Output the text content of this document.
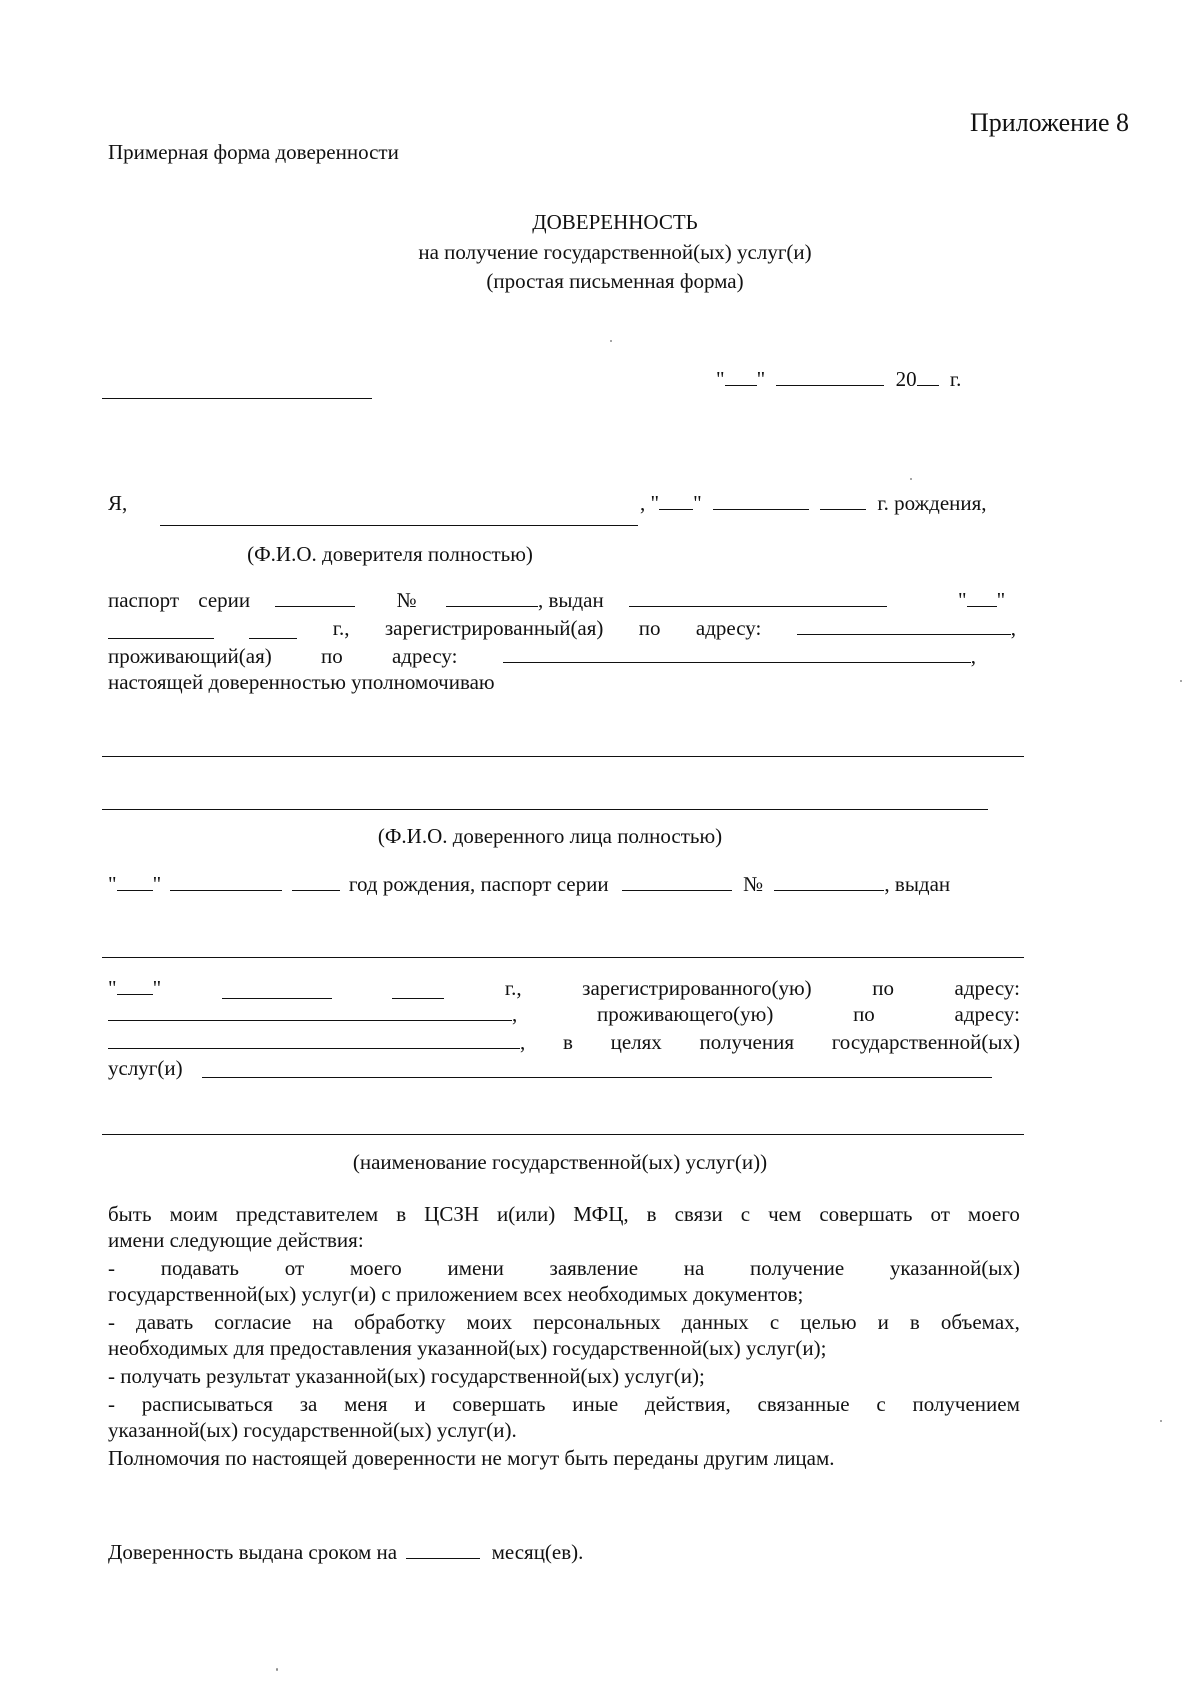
Приложение 8
Примерная форма доверенности
ДОВЕРЕННОСТЬ
на получение государственной(ых) услуг(и)
(простая письменная форма)
" "	20 г.
Я,	, " "	г. рождения,
(Ф.И.О. доверителя полностью)
паспорт серии	№	, выдан	" "
г., зарегистрированный(ая) по адресу:	,
проживающий(ая) по адресу:	,
настоящей доверенностью уполномочиваю
(Ф.И.О. доверенного лица полностью)
" "	год рождения, паспорт серии	№	, выдан
" "	г.,	зарегистрированного(ую)	по	адресу:
,	проживающего(ую)	по	адресу:
, в целях получения государственной(ых)
услуг(и)
(наименование государственной(ых) услуг(и))
быть моим представителем в ЦСЗН и(или) МФЦ, в связи с чем совершать от моего
имени следующие действия:
- подавать от моего имени заявление на получение указанной(ых)
государственной(ых) услуг(и) с приложением всех необходимых документов;
- давать согласие на обработку моих персональных данных с целью и в объемах,
необходимых для предоставления указанной(ых) государственной(ых) услуг(и);
- получать результат указанной(ых) государственной(ых) услуг(и);
- расписываться за меня и совершать иные действия, связанные с получением
указанной(ых) государственной(ых) услуг(и).
Полномочия по настоящей доверенности не могут быть переданы другим лицам.
Доверенность выдана сроком на	месяц(ев).
